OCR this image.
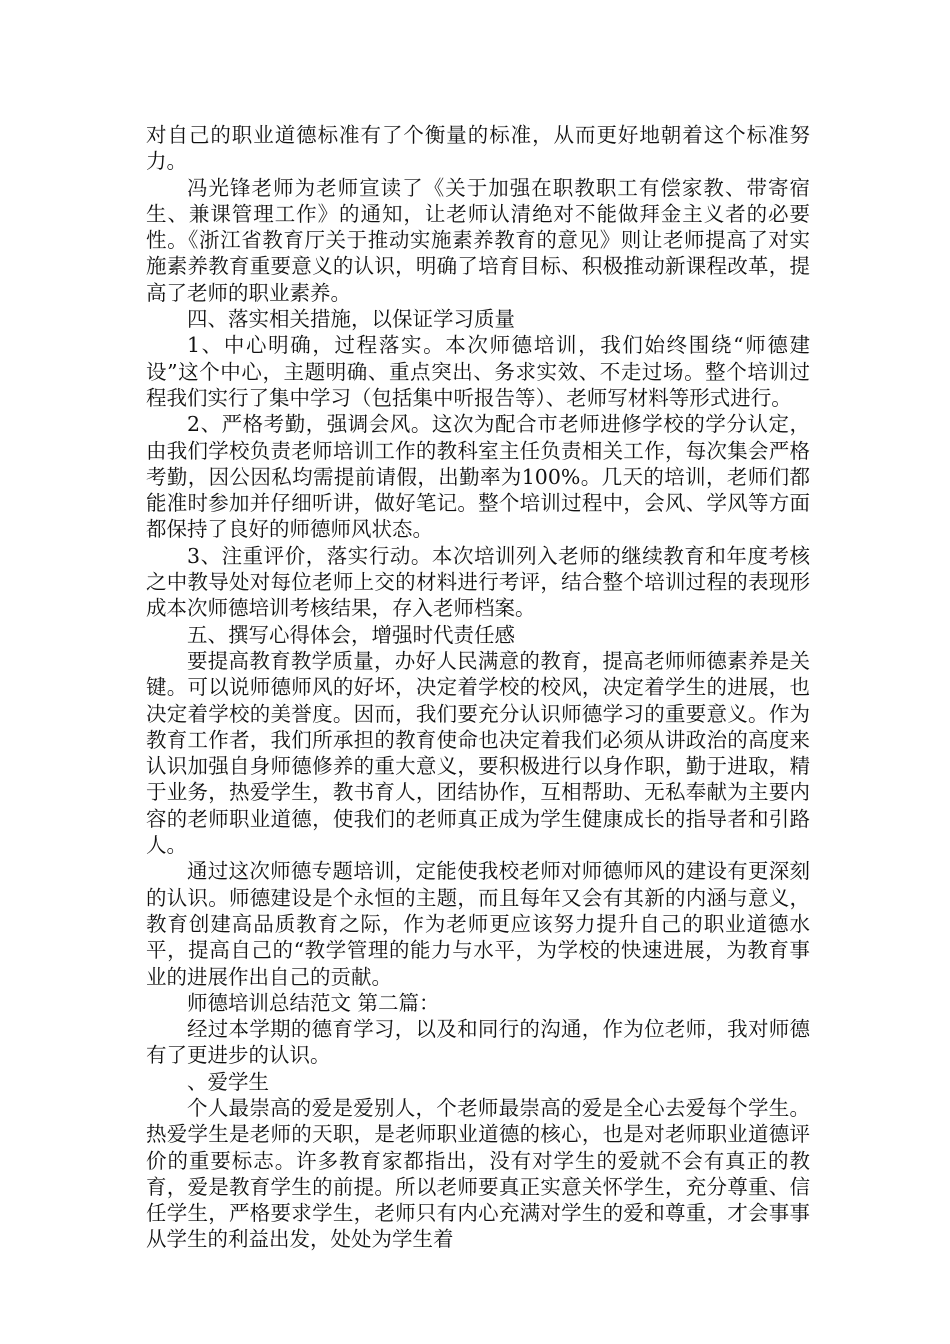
对自己的职业道德标准有了个衡量的标准，从而更好地朝着这个标准努力。

冯光锋老师为老师宣读了《关于加强在职教职工有偿家教、带寄宿生、兼课管理工作》的通知，让老师认清绝对不能做拜金主义者的必要性。《浙江省教育厅关于推动实施素养教育的意见》则让老师提高了对实施素养教育重要意义的认识，明确了培育目标、积极推动新课程改革，提高了老师的职业素养。

四、落实相关措施，以保证学习质量

1、中心明确，过程落实。本次师德培训，我们始终围绕“师德建设”这个中心，主题明确、重点突出、务求实效、不走过场。整个培训过程我们实行了集中学习（包括集中听报告等）、老师写材料等形式进行。

2、严格考勤，强调会风。这次为配合市老师进修学校的学分认定，由我们学校负责老师培训工作的教科室主任负责相关工作，每次集会严格考勤，因公因私均需提前请假，出勤率为100%。几天的培训，老师们都能准时参加并仔细听讲，做好笔记。整个培训过程中，会风、学风等方面都保持了良好的师德师风状态。

3、注重评价，落实行动。本次培训列入老师的继续教育和年度考核之中教导处对每位老师上交的材料进行考评，结合整个培训过程的表现形成本次师德培训考核结果，存入老师档案。

五、撰写心得体会，增强时代责任感

要提高教育教学质量，办好人民满意的教育，提高老师师德素养是关键。可以说师德师风的好坏，决定着学校的校风，决定着学生的进展，也决定着学校的美誉度。因而，我们要充分认识师德学习的重要意义。作为教育工作者，我们所承担的教育使命也决定着我们必须从讲政治的高度来认识加强自身师德修养的重大意义，要积极进行以身作职，勤于进取，精于业务，热爱学生，教书育人，团结协作，互相帮助、无私奉献为主要内容的老师职业道德，使我们的老师真正成为学生健康成长的指导者和引路人。

通过这次师德专题培训，定能使我校老师对师德师风的建设有更深刻的认识。师德建设是个永恒的主题，而且每年又会有其新的内涵与意义，教育创建高品质教育之际，作为老师更应该努力提升自己的职业道德水平，提高自己的“教学管理的能力与水平，为学校的快速进展，为教育事业的进展作出自己的贡献。

师德培训总结范文 第二篇：

经过本学期的德育学习，以及和同行的沟通，作为位老师，我对师德有了更进步的认识。

、爱学生

个人最崇高的爱是爱别人，个老师最崇高的爱是全心去爱每个学生。热爱学生是老师的天职，是老师职业道德的核心，也是对老师职业道德评价的重要标志。许多教育家都指出，没有对学生的爱就不会有真正的教育，爱是教育学生的前提。所以老师要真正实意关怀学生，充分尊重、信任学生，严格要求学生，老师只有内心充满对学生的爱和尊重，才会事事从学生的利益出发，处处为学生着
